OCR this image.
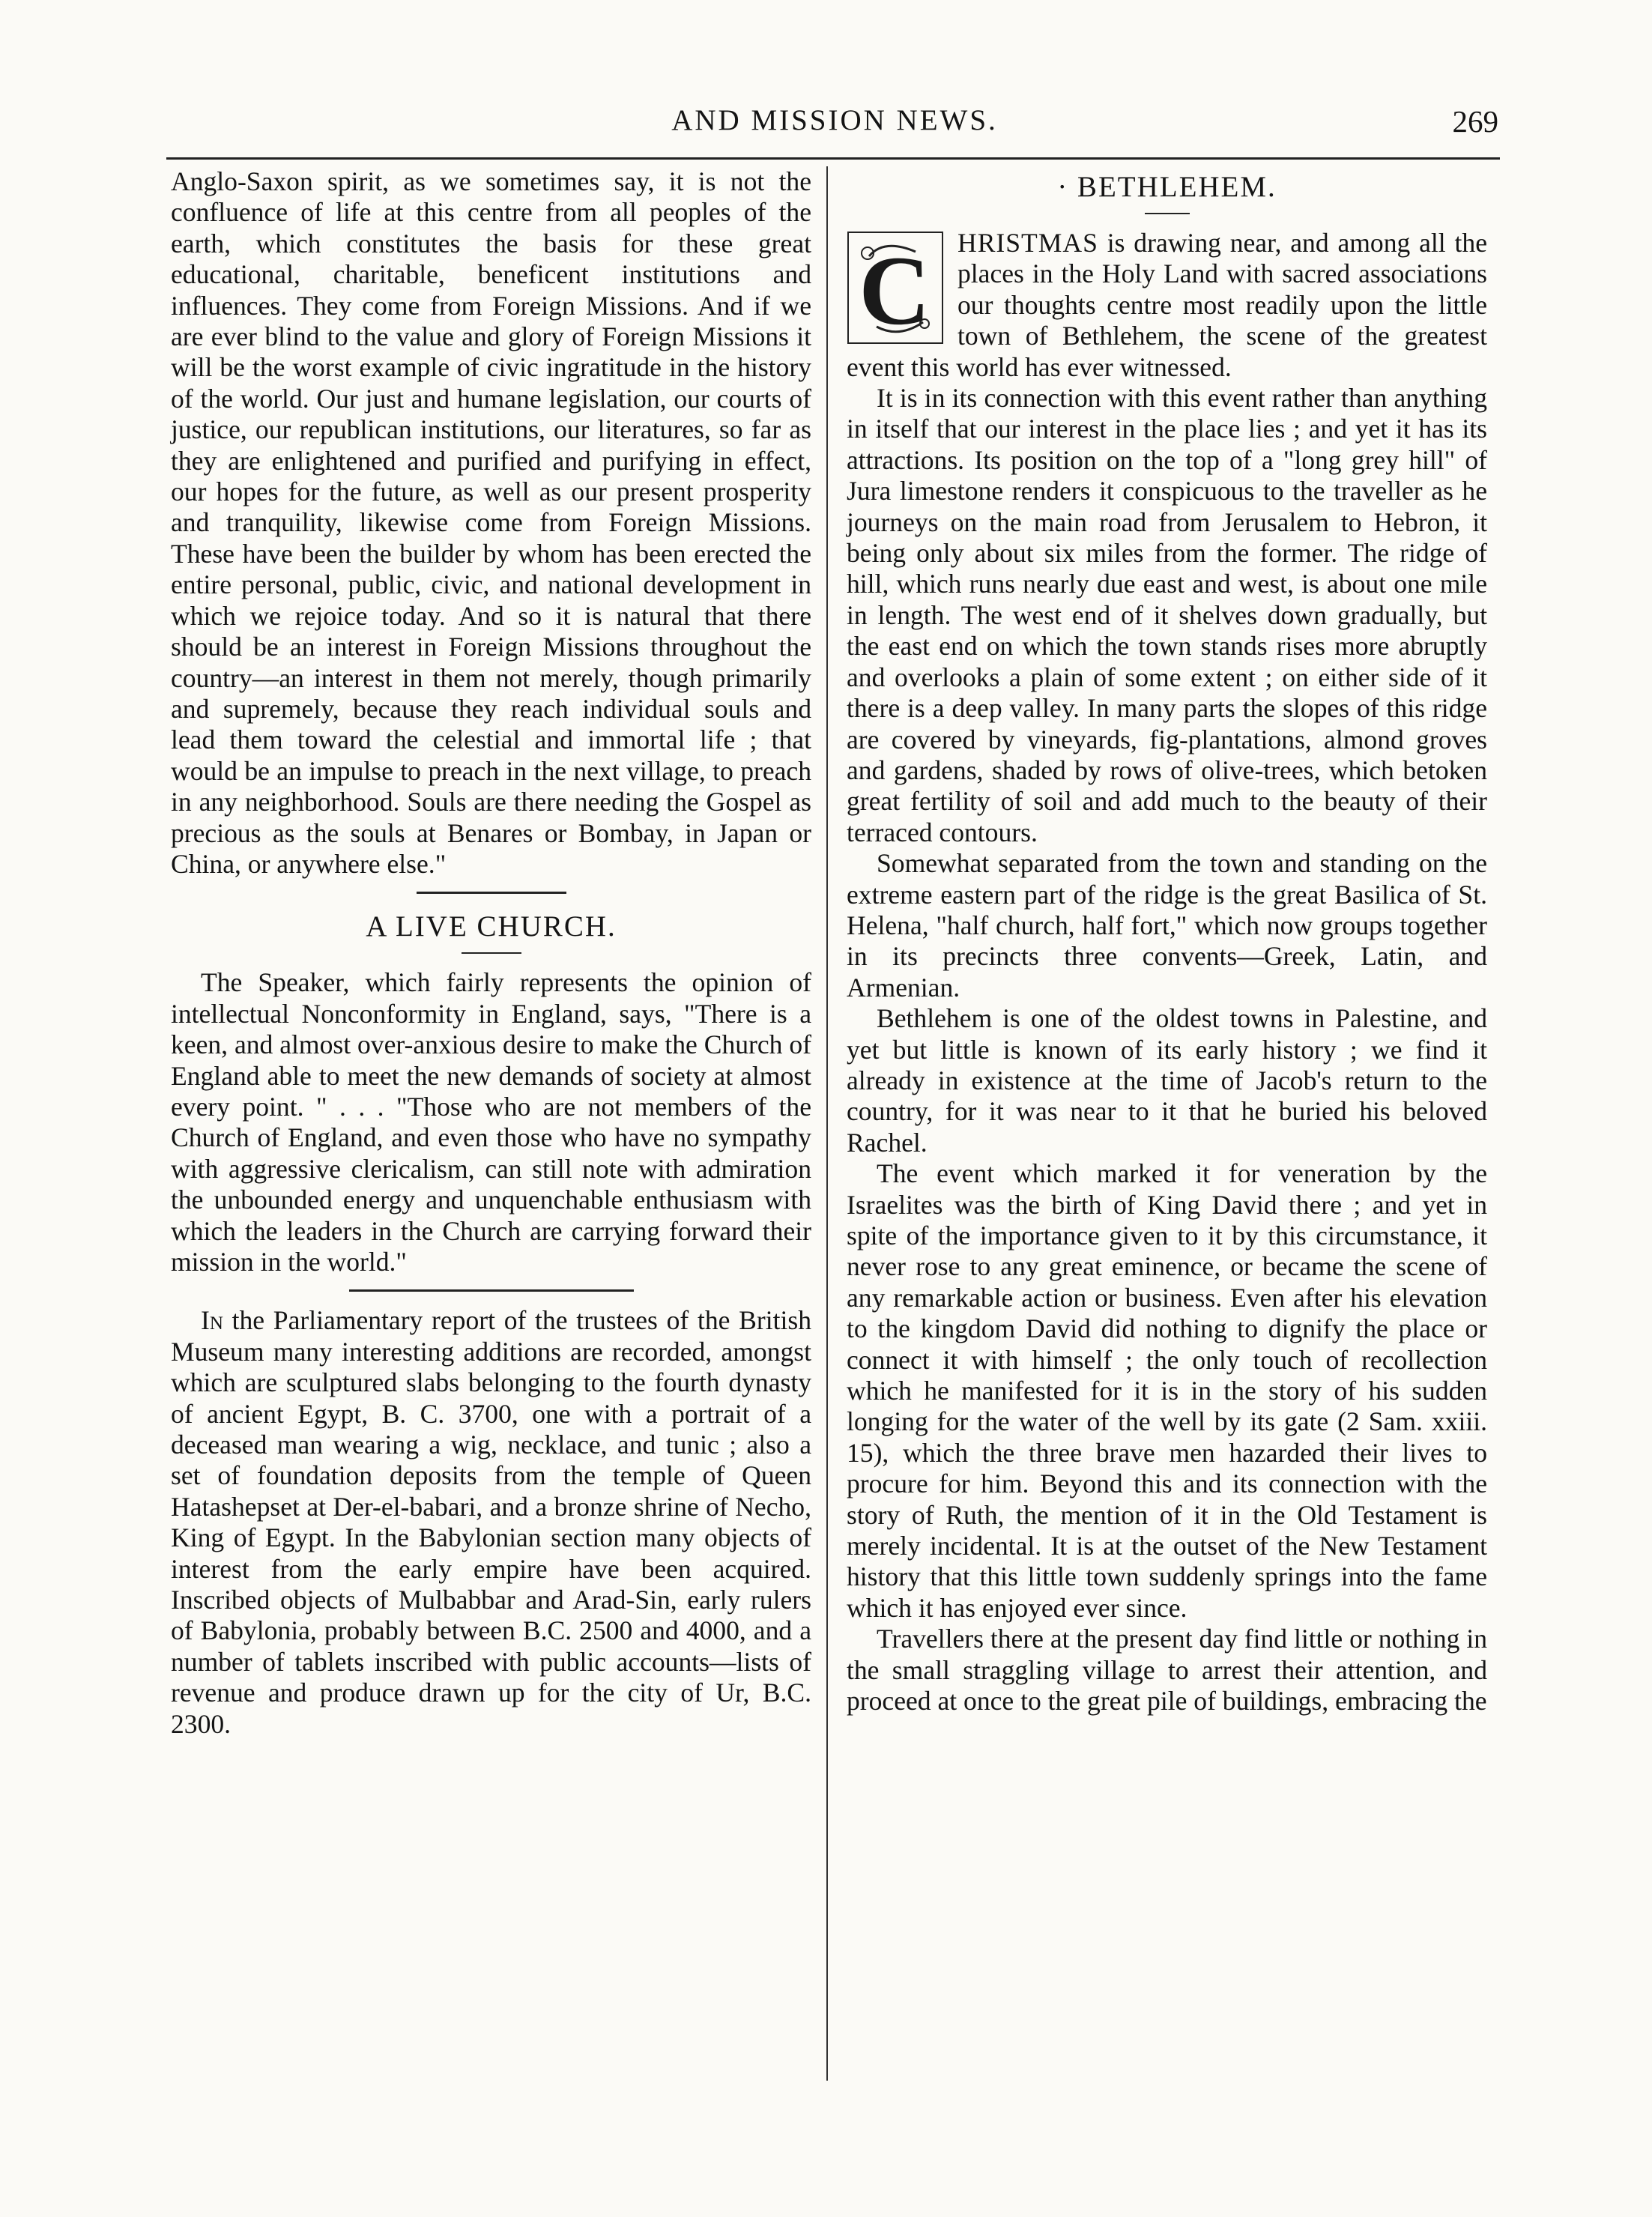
AND MISSION NEWS.	269

Anglo-Saxon spirit, as we sometimes say, it is not the confluence of life at this centre from all peoples of the earth, which constitutes the basis for these great educational, charitable, beneficent institutions and influences. They come from Foreign Missions. And if we are ever blind to the value and glory of Foreign Missions it will be the worst example of civic ingratitude in the history of the world. Our just and humane legislation, our courts of justice, our republican institutions, our literatures, so far as they are enlightened and purified and purifying in effect, our hopes for the future, as well as our present prosperity and tranquility, likewise come from Foreign Missions. These have been the builder by whom has been erected the entire personal, public, civic, and national development in which we rejoice today. And so it is natural that there should be an interest in Foreign Missions throughout the country—an interest in them not merely, though primarily and supremely, because they reach individual souls and lead them toward the celestial and immortal life ; that would be an impulse to preach in the next village, to preach in any neighborhood. Souls are there needing the Gospel as precious as the souls at Benares or Bombay, in Japan or China, or anywhere else."

A LIVE CHURCH.

The Speaker, which fairly represents the opinion of intellectual Nonconformity in England, says, "There is a keen, and almost over-anxious desire to make the Church of England able to meet the new demands of society at almost every point. " . . . "Those who are not members of the Church of England, and even those who have no sympathy with aggressive clericalism, can still note with admiration the unbounded energy and unquenchable enthusiasm with which the leaders in the Church are carrying forward their mission in the world."

In the Parliamentary report of the trustees of the British Museum many interesting additions are recorded, amongst which are sculptured slabs belonging to the fourth dynasty of ancient Egypt, B. C. 3700, one with a portrait of a deceased man wearing a wig, necklace, and tunic ; also a set of foundation deposits from the temple of Queen Hatashepset at Der-el-babari, and a bronze shrine of Necho, King of Egypt. In the Babylonian section many objects of interest from the early empire have been acquired. Inscribed objects of Mulbabbar and Arad-Sin, early rulers of Babylonia, probably between B.C. 2500 and 4000, and a number of tablets inscribed with public accounts—lists of revenue and produce drawn up for the city of Ur, B.C. 2300.

· BETHLEHEM.

C HRISTMAS is drawing near, and among all the places in the Holy Land with sacred associations our thoughts centre most readily upon the little town of Bethlehem, the scene of the greatest event this world has ever witnessed.

It is in its connection with this event rather than anything in itself that our interest in the place lies ; and yet it has its attractions. Its position on the top of a "long grey hill" of Jura limestone renders it conspicuous to the traveller as he journeys on the main road from Jerusalem to Hebron, it being only about six miles from the former. The ridge of hill, which runs nearly due east and west, is about one mile in length. The west end of it shelves down gradually, but the east end on which the town stands rises more abruptly and overlooks a plain of some extent ; on either side of it there is a deep valley. In many parts the slopes of this ridge are covered by vineyards, fig-plantations, almond groves and gardens, shaded by rows of olive-trees, which betoken great fertility of soil and add much to the beauty of their terraced contours.

Somewhat separated from the town and standing on the extreme eastern part of the ridge is the great Basilica of St. Helena, "half church, half fort," which now groups together in its precincts three convents—Greek, Latin, and Armenian.

Bethlehem is one of the oldest towns in Palestine, and yet but little is known of its early history ; we find it already in existence at the time of Jacob's return to the country, for it was near to it that he buried his beloved Rachel.

The event which marked it for veneration by the Israelites was the birth of King David there ; and yet in spite of the importance given to it by this circumstance, it never rose to any great eminence, or became the scene of any remarkable action or business. Even after his elevation to the kingdom David did nothing to dignify the place or connect it with himself ; the only touch of recollection which he manifested for it is in the story of his sudden longing for the water of the well by its gate (2 Sam. xxiii. 15), which the three brave men hazarded their lives to procure for him. Beyond this and its connection with the story of Ruth, the mention of it in the Old Testament is merely incidental. It is at the outset of the New Testament history that this little town suddenly springs into the fame which it has enjoyed ever since.

Travellers there at the present day find little or nothing in the small straggling village to arrest their attention, and proceed at once to the great pile of buildings, embracing the
